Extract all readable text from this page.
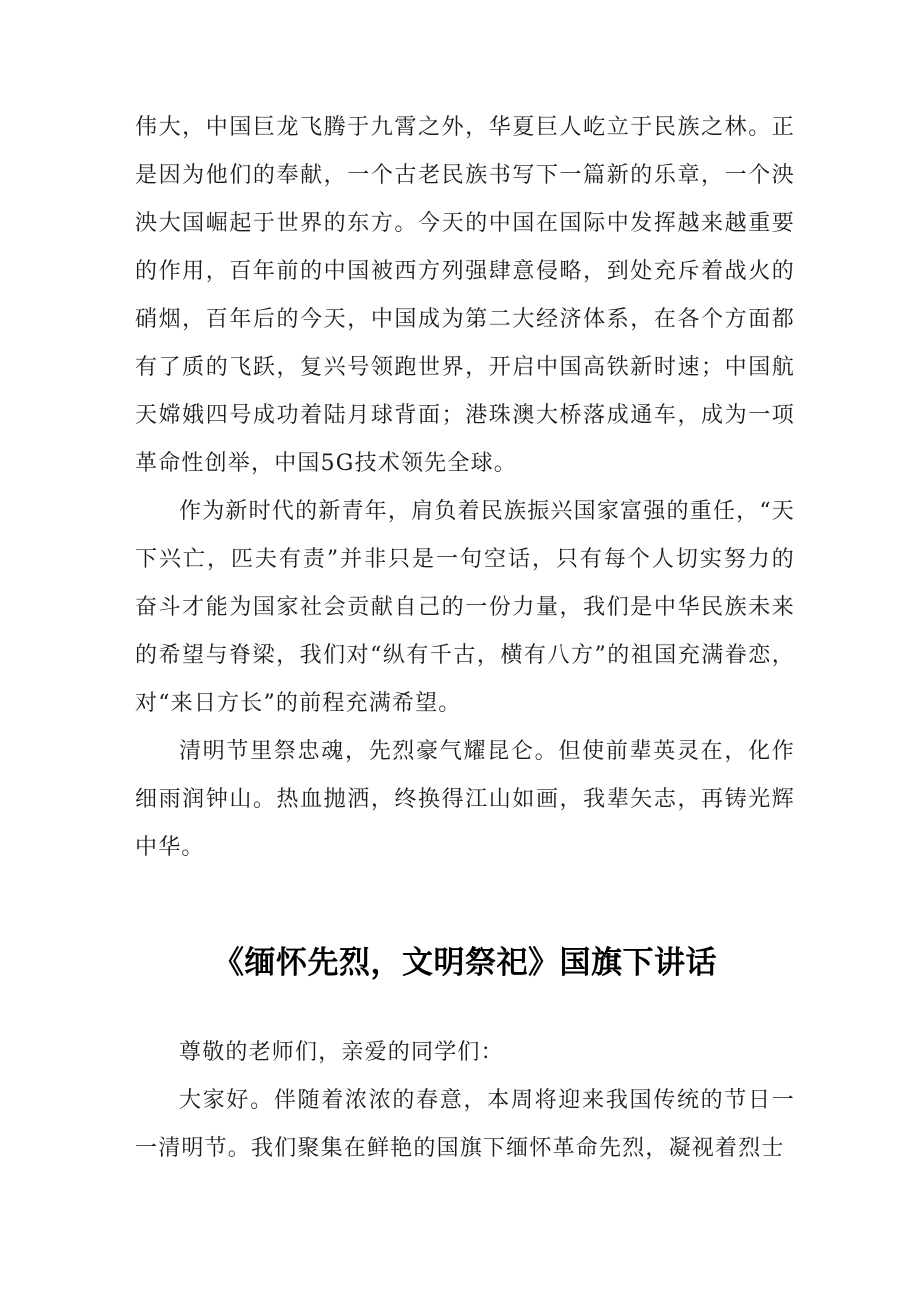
伟大，中国巨龙飞腾于九霄之外，华夏巨人屹立于民族之林。正是因为他们的奉献，一个古老民族书写下一篇新的乐章，一个泱泱大国崛起于世界的东方。今天的中国在国际中发挥越来越重要的作用，百年前的中国被西方列强肆意侵略，到处充斥着战火的硝烟，百年后的今天，中国成为第二大经济体系，在各个方面都有了质的飞跃，复兴号领跑世界，开启中国高铁新时速；中国航天嫦娥四号成功着陆月球背面；港珠澳大桥落成通车，成为一项革命性创举，中国5G技术领先全球。

作为新时代的新青年，肩负着民族振兴国家富强的重任，“天下兴亡，匹夫有责”并非只是一句空话，只有每个人切实努力的奋斗才能为国家社会贡献自己的一份力量，我们是中华民族未来的希望与脊梁，我们对“纵有千古，横有八方”的祖国充满眷恋，对“来日方长”的前程充满希望。

清明节里祭忠魂，先烈豪气耀昆仑。但使前辈英灵在，化作细雨润钟山。热血抛洒，终换得江山如画，我辈矢志，再铸光辉中华。

《缅怀先烈，文明祭祀》国旗下讲话

尊敬的老师们，亲爱的同学们：

大家好。伴随着浓浓的春意，本周将迎来我国传统的节日一一清明节。我们聚集在鲜艳的国旗下缅怀革命先烈，凝视着烈士
